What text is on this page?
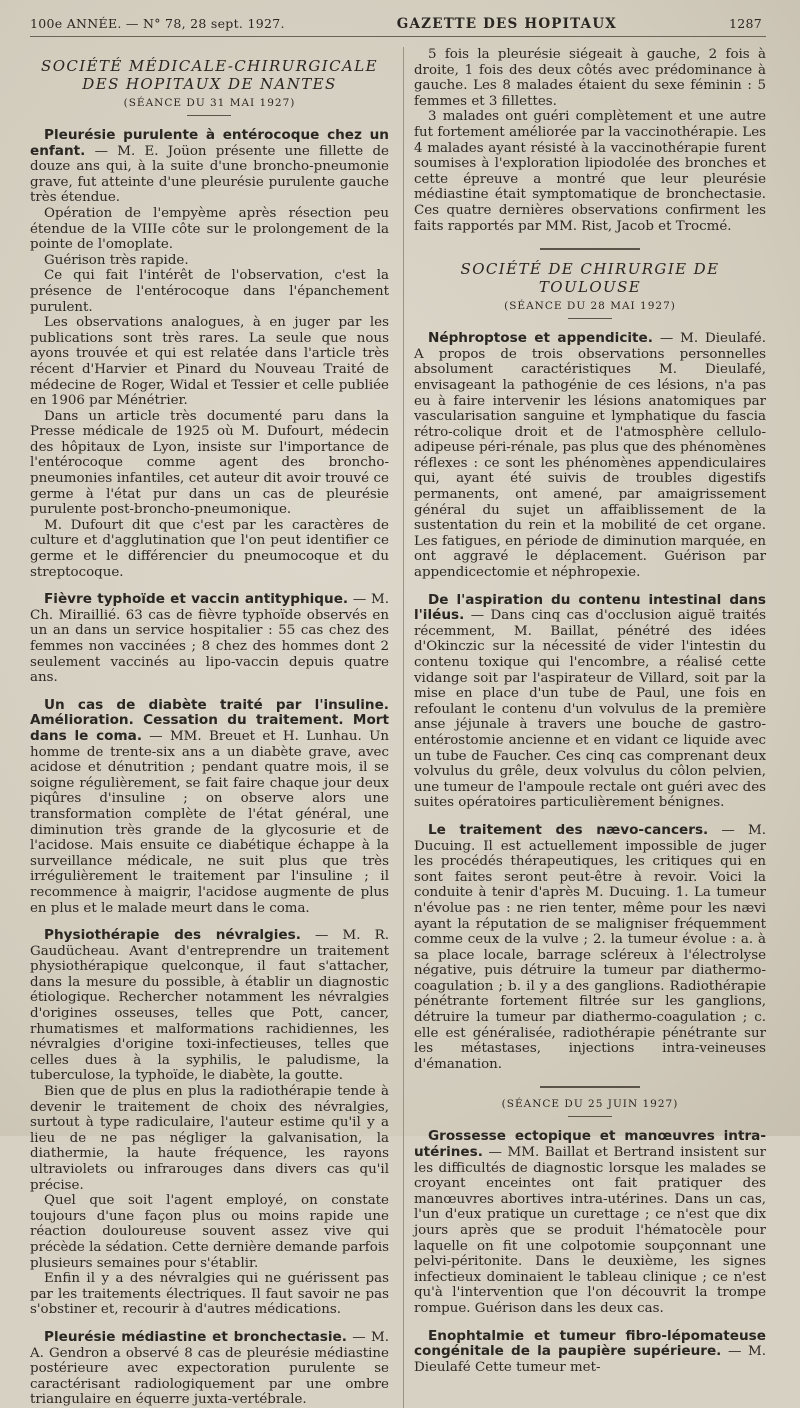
100e ANNÉE. — N° 78, 28 sept. 1927.	GAZETTE DES HOPITAUX	1287
SOCIÉTÉ MÉDICALE-CHIRURGICALE DES HOPITAUX DE NANTES
(SÉANCE DU 31 MAI 1927)

Pleurésie purulente à entérocoque chez un enfant. — M. E. Joüon présente une fillette de douze ans qui, à la suite d'une broncho-pneumonie grave, fut atteinte d'une pleurésie purulente gauche très étendue.

Opération de l'empyème après résection peu étendue de la VIIIe côte sur le prolongement de la pointe de l'omoplate.

Guérison très rapide.

Ce qui fait l'intérêt de l'observation, c'est la présence de l'entérocoque dans l'épanchement purulent.

Les observations analogues, à en juger par les publications sont très rares. La seule que nous ayons trouvée et qui est relatée dans l'article très récent d'Harvier et Pinard du Nouveau Traité de médecine de Roger, Widal et Tessier et celle publiée en 1906 par Ménétrier.

Dans un article très documenté paru dans la Presse médicale de 1925 où M. Dufourt, médecin des hôpitaux de Lyon, insiste sur l'importance de l'entérocoque comme agent des broncho-pneumonies infantiles, cet auteur dit avoir trouvé ce germe à l'état pur dans un cas de pleurésie purulente post-broncho-pneumonique.

M. Dufourt dit que c'est par les caractères de culture et d'agglutination que l'on peut identifier ce germe et le différencier du pneumocoque et du streptocoque.

Fièvre typhoïde et vaccin antityphique. — M. Ch. Miraillié. 63 cas de fièvre typhoïde observés en un an dans un service hospitalier : 55 cas chez des femmes non vaccinées ; 8 chez des hommes dont 2 seulement vaccinés au lipo-vaccin depuis quatre ans.

Un cas de diabète traité par l'insuline. Amélioration. Cessation du traitement. Mort dans le coma. — MM. Breuet et H. Lunhau. Un homme de trente-six ans a un diabète grave, avec acidose et dénutrition ; pendant quatre mois, il se soigne régulièrement, se fait faire chaque jour deux piqûres d'insuline ; on observe alors une transformation complète de l'état général, une diminution très grande de la glycosurie et de l'acidose. Mais ensuite ce diabétique échappe à la surveillance médicale, ne suit plus que très irrégulièrement le traitement par l'insuline ; il recommence à maigrir, l'acidose augmente de plus en plus et le malade meurt dans le coma.

Physiothérapie des névralgies. — M. R. Gaudücheau. Avant d'entreprendre un traitement physiothérapique quelconque, il faut s'attacher, dans la mesure du possible, à établir un diagnostic étiologique. Rechercher notamment les névralgies d'origines osseuses, telles que Pott, cancer, rhumatismes et malformations rachidiennes, les névralgies d'origine toxi-infectieuses, telles que celles dues à la syphilis, le paludisme, la tuberculose, la typhoïde, le diabète, la goutte.

Bien que de plus en plus la radiothérapie tende à devenir le traitement de choix des névralgies, surtout à type radiculaire, l'auteur estime qu'il y a lieu de ne pas négliger la galvanisation, la diathermie, la haute fréquence, les rayons ultraviolets ou infrarouges dans divers cas qu'il précise.

Quel que soit l'agent employé, on constate toujours d'une façon plus ou moins rapide une réaction douloureuse souvent assez vive qui précède la sédation. Cette dernière demande parfois plusieurs semaines pour s'établir.

Enfin il y a des névralgies qui ne guérissent pas par les traitements électriques. Il faut savoir ne pas s'obstiner et, recourir à d'autres médications.

Pleurésie médiastine et bronchectasie. — M. A. Gendron a observé 8 cas de pleurésie médiastine postérieure avec expectoration purulente se caractérisant radiologiquement par une ombre triangulaire en équerre juxta-vertébrale.

5 fois la pleurésie siégeait à gauche, 2 fois à droite, 1 fois des deux côtés avec prédominance à gauche. Les 8 malades étaient du sexe féminin : 5 femmes et 3 fillettes.

3 malades ont guéri complètement et une autre fut fortement améliorée par la vaccinothérapie. Les 4 malades ayant résisté à la vaccinothérapie furent soumises à l'exploration lipiodolée des bronches et cette épreuve a montré que leur pleurésie médiastine était symptomatique de bronchectasie. Ces quatre dernières observations confirment les faits rapportés par MM. Rist, Jacob et Trocmé.

SOCIÉTÉ DE CHIRURGIE DE TOULOUSE
(SÉANCE DU 28 MAI 1927)

Néphroptose et appendicite. — M. Dieulafé. A propos de trois observations personnelles absolument caractéristiques M. Dieulafé, envisageant la pathogénie de ces lésions, n'a pas eu à faire intervenir les lésions anatomiques par vascularisation sanguine et lymphatique du fascia rétro-colique droit et de l'atmosphère cellulo-adipeuse péri-rénale, pas plus que des phénomènes réflexes : ce sont les phénomènes appendiculaires qui, ayant été suivis de troubles digestifs permanents, ont amené, par amaigrissement général du sujet un affaiblissement de la sustentation du rein et la mobilité de cet organe. Les fatigues, en période de diminution marquée, en ont aggravé le déplacement. Guérison par appendicectomie et néphropexie.

De l'aspiration du contenu intestinal dans l'iléus. — Dans cinq cas d'occlusion aiguë traités récemment, M. Baillat, pénétré des idées d'Okinczic sur la nécessité de vider l'intestin du contenu toxique qui l'encombre, a réalisé cette vidange soit par l'aspirateur de Villard, soit par la mise en place d'un tube de Paul, une fois en refoulant le contenu d'un volvulus de la première anse jéjunale à travers une bouche de gastro-entérostomie ancienne et en vidant ce liquide avec un tube de Faucher. Ces cinq cas comprenant deux volvulus du grêle, deux volvulus du côlon pelvien, une tumeur de l'ampoule rectale ont guéri avec des suites opératoires particulièrement bénignes.

Le traitement des nævo-cancers. — M. Ducuing. Il est actuellement impossible de juger les procédés thérapeutiques, les critiques qui en sont faites seront peut-être à revoir. Voici la conduite à tenir d'après M. Ducuing. 1. La tumeur n'évolue pas : ne rien tenter, même pour les nævi ayant la réputation de se maligniser fréquemment comme ceux de la vulve ; 2. la tumeur évolue : a. à sa place locale, barrage scléreux à l'électrolyse négative, puis détruire la tumeur par diathermo-coagulation ; b. il y a des ganglions. Radiothérapie pénétrante fortement filtrée sur les ganglions, détruire la tumeur par diathermo-coagulation ; c. elle est généralisée, radiothérapie pénétrante sur les métastases, injections intra-veineuses d'émanation.

(SÉANCE DU 25 JUIN 1927)

Grossesse ectopique et manœuvres intra-utérines. — MM. Baillat et Bertrand insistent sur les difficultés de diagnostic lorsque les malades se croyant enceintes ont fait pratiquer des manœuvres abortives intra-utérines. Dans un cas, l'un d'eux pratique un curettage ; ce n'est que dix jours après que se produit l'hématocèle pour laquelle on fit une colpotomie soupçonnant une pelvi-péritonite. Dans le deuxième, les signes infectieux dominaient le tableau clinique ; ce n'est qu'à l'intervention que l'on découvrit la trompe rompue. Guérison dans les deux cas.

Enophtalmie et tumeur fibro-lépomateuse congénitale de la paupière supérieure. — M. Dieulafé Cette tumeur met-
